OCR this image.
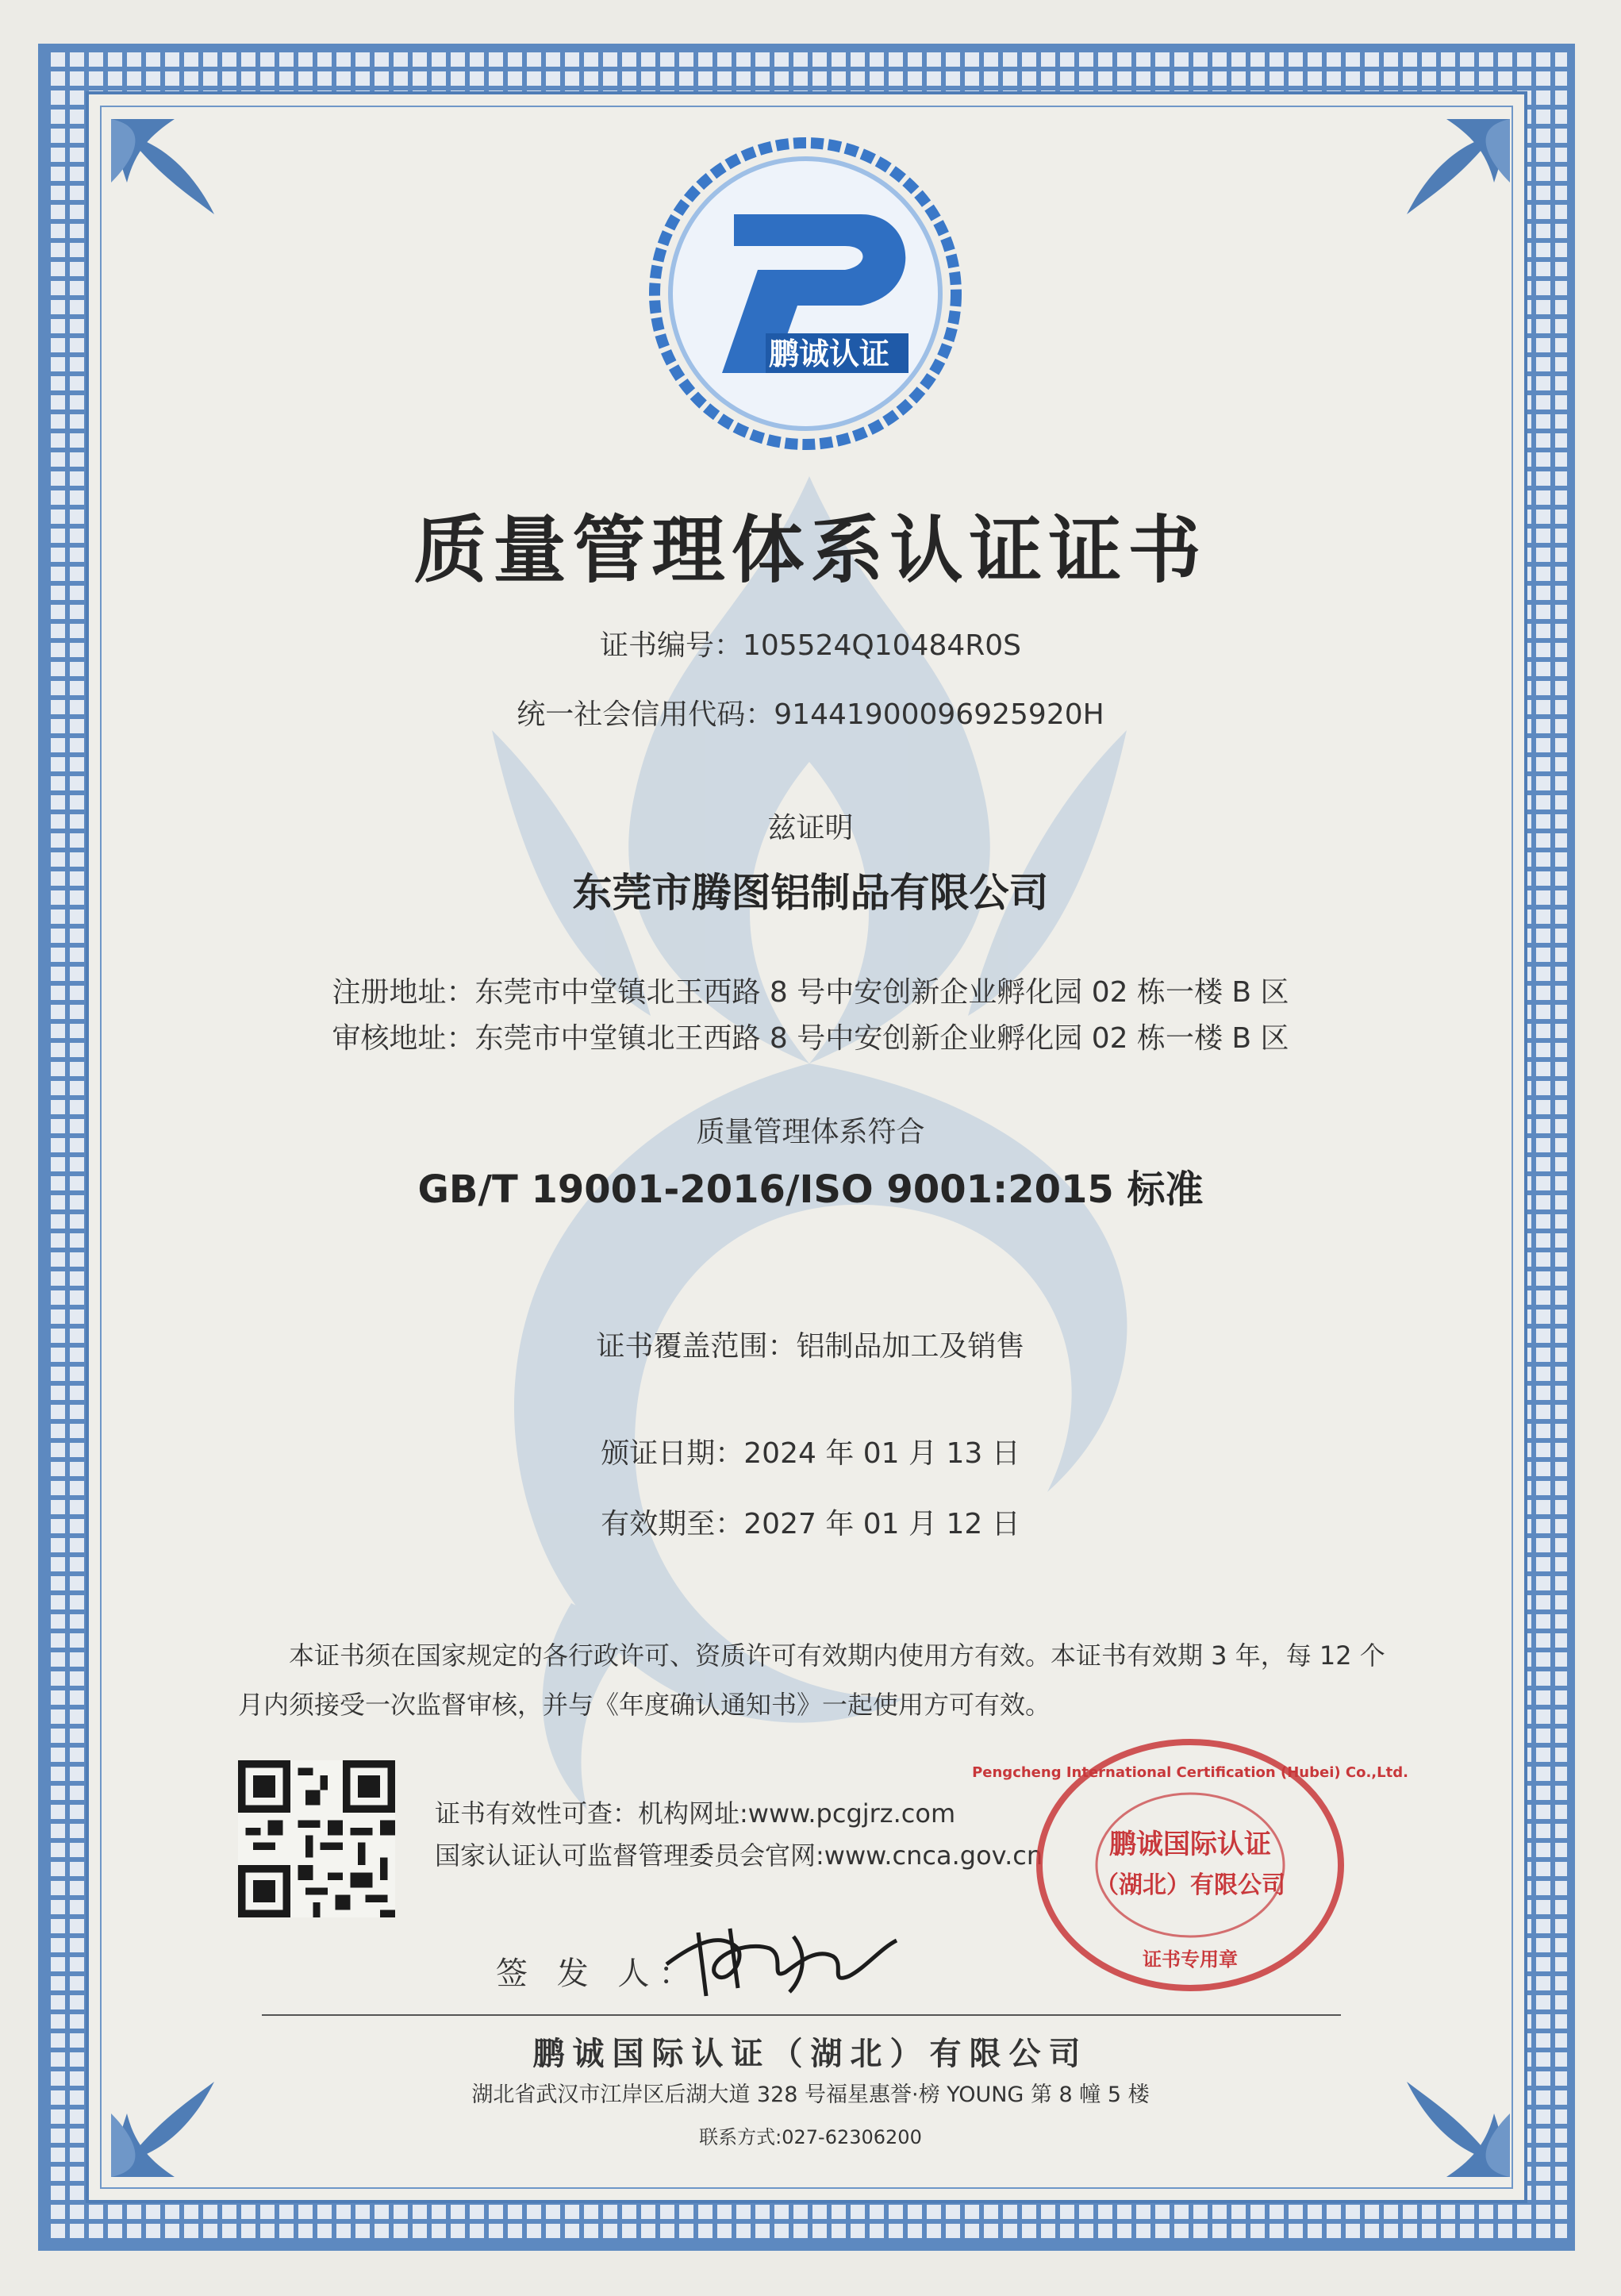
鹏诚认证
质量管理体系认证证书
证书编号：105524Q10484R0S
统一社会信用代码：91441900096925920H
兹证明
东莞市腾图铝制品有限公司
注册地址：东莞市中堂镇北王西路 8 号中安创新企业孵化园 02 栋一楼 B 区
审核地址：东莞市中堂镇北王西路 8 号中安创新企业孵化园 02 栋一楼 B 区
质量管理体系符合
GB/T 19001-2016/ISO 9001:2015 标准
证书覆盖范围：铝制品加工及销售
颁证日期：2024 年 01 月 13 日
有效期至：2027 年 01 月 12 日
本证书须在国家规定的各行政许可、资质许可有效期内使用方有效。本证书有效期 3 年，每 12 个月内须接受一次监督审核，并与《年度确认通知书》一起使用方可有效。
证书有效性可查：机构网址:www.pcgjrz.com
国家认证认可监督管理委员会官网:www.cnca.gov.cn
签 发 人：
鹏诚国际认证
（湖北）有限公司
Pengcheng International Certification (Hubei) Co.,Ltd.
证书专用章
鹏诚国际认证（湖北）有限公司
湖北省武汉市江岸区后湖大道 328 号福星惠誉·榜 YOUNG 第 8 幢 5 楼
联系方式:027-62306200
